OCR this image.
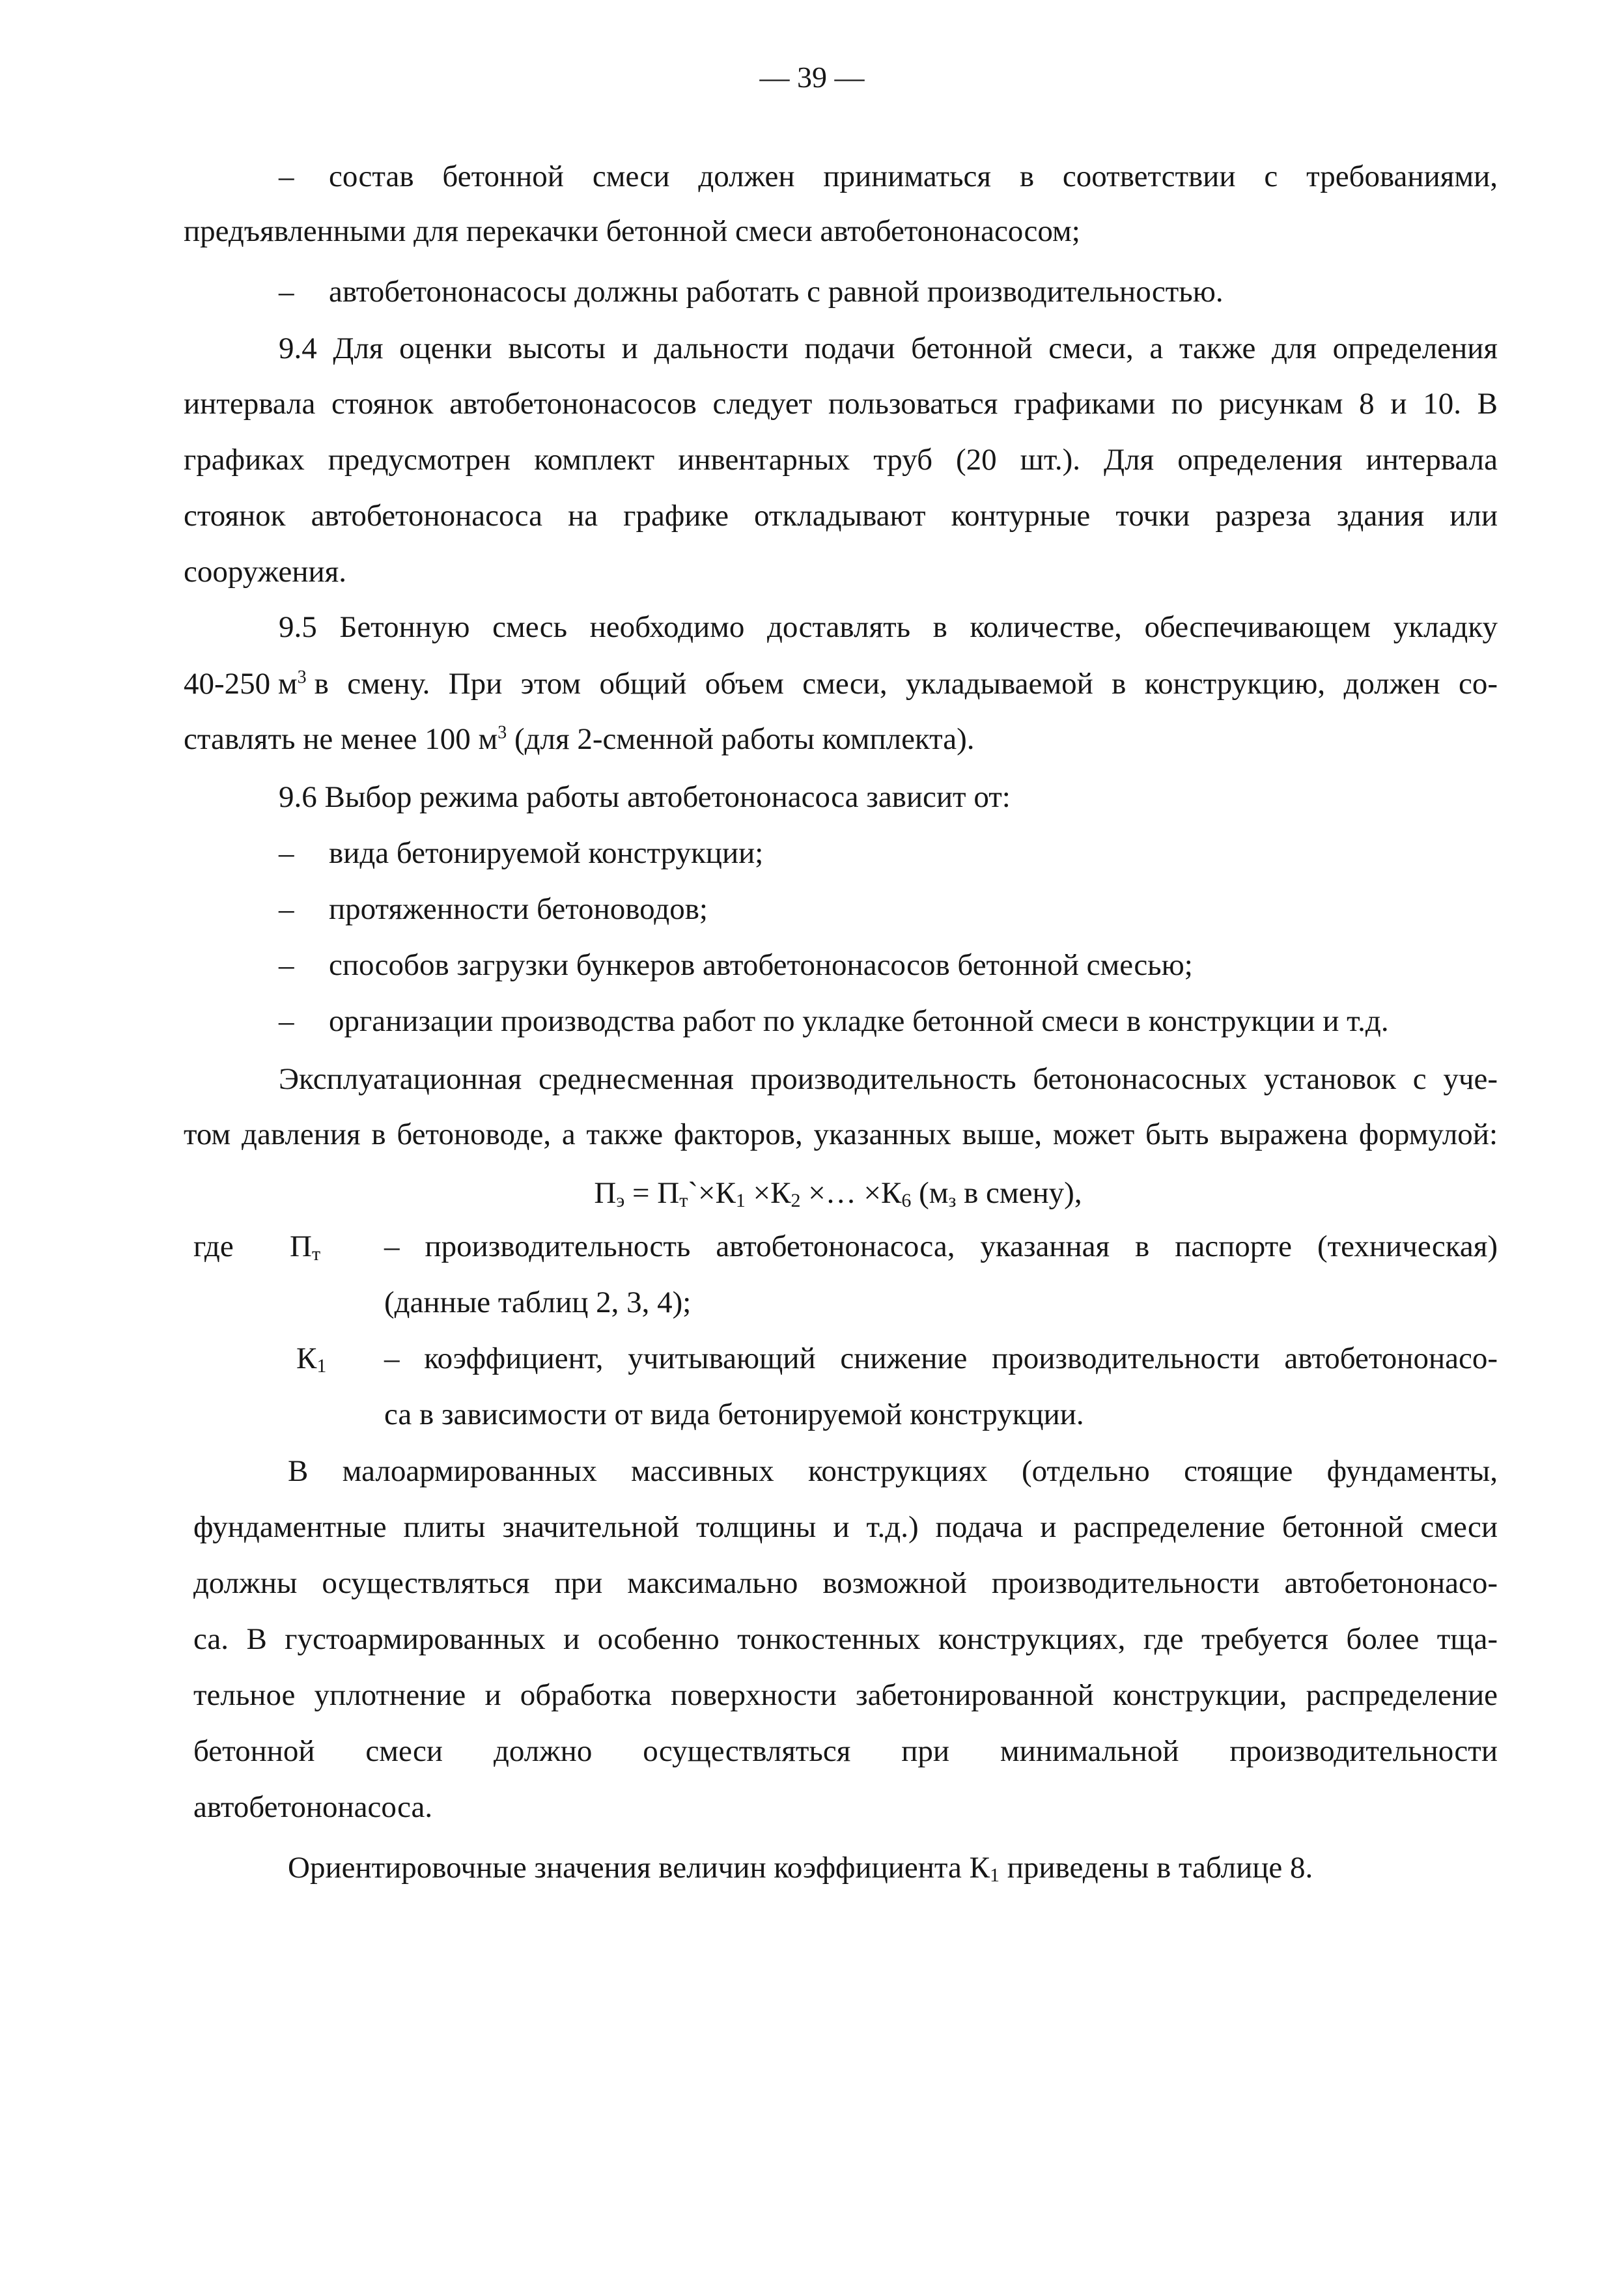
— 39 —
– состав бетонной смеси должен приниматься в соответствии с требованиями,
предъявленными для перекачки бетонной смеси автобетононасосом;
– автобетононасосы должны работать с равной производительностью.
9.4 Для оценки высоты и дальности подачи бетонной смеси, а также для определения
интервала стоянок автобетононасосов следует пользоваться графиками по рисункам 8 и 10. В
графиках предусмотрен комплект инвентарных труб (20 шт.). Для определения интервала
стоянок автобетононасоса на графике откладывают контурные точки разреза здания или
сооружения.
9.5 Бетонную смесь необходимо доставлять в количестве, обеспечивающем укладку
40-250 $м^3$ в смену. При этом общий объем смеси, укладываемой в конструкцию, должен со-
ставлять не менее 100 $м^3$ (для 2-сменной работы комплекта).
9.6 Выбор режима работы автобетононасоса зависит от:
– вида бетонируемой конструкции;
– протяженности бетоноводов;
– способов загрузки бункеров автобетононасосов бетонной смесью;
– организации производства работ по укладке бетонной смеси в конструкции и т.д.
Эксплуатационная среднесменная производительность бетононасосных установок с уче-
том давления в бетоноводе, а также факторов, указанных выше, может быть выражена формулой:
$П_э$ = $П_т`\times К_1 \times К_2$ ×… $\times К_6$ ($м_з$ в смену),
где $П_т$ – производительность автобетононасоса, указанная в паспорте (техническая)
(данные таблиц 2, 3, 4);
$К_1$ – коэффициент, учитывающий снижение производительности автобетононасо-
са в зависимости от вида бетонируемой конструкции.
В малоармированных массивных конструкциях (отдельно стоящие фундаменты,
фундаментные плиты значительной толщины и т.д.) подача и распределение бетонной смеси
должны осуществляться при максимально возможной производительности автобетононасо-
са. В густоармированных и особенно тонкостенных конструкциях, где требуется более тща-
тельное уплотнение и обработка поверхности забетонированной конструкции, распределение
бетонной смеси должно осуществляться при минимальной производительности
автобетононасоса.
Ориентировочные значения величин коэффициента $К_1$ приведены в таблице 8.
